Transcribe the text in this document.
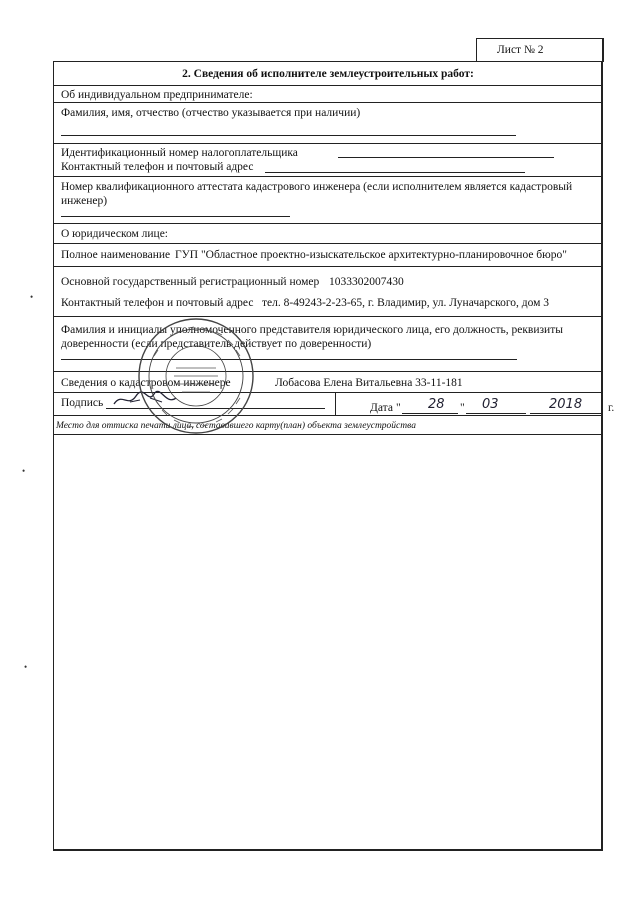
Лист № 2
2. Сведения об исполнителе землеустроительных работ:
Об индивидуальном предпринимателе:
Фамилия, имя, отчество (отчество указывается при наличии)
Идентификационный номер налогоплательщика
Контактный телефон и почтовый адрес
Номер квалификационного аттестата кадастрового инженера (если исполнителем является кадастровый
инженер)
О юридическом лице:
Полное наименование ГУП "Областное проектно-изыскательское архитектурно-планировочное бюро"
Основной государственный регистрационный номер 1033302007430
Контактный телефон и почтовый адрес тел. 8-49243-2-23-65, г. Владимир, ул. Луначарского, дом 3
Фамилия и инициалы уполномоченного представителя юридического лица, его должность, реквизиты
доверенности (если представитель действует по доверенности)
Сведения о кадастровом инженере	Лобасова Елена Витальевна 33-11-181
Подпись	Дата " 28 " 03	2018 г.
Место для оттиска печати лица, составившего карту(план) объекта землеустройства
•
•
•
